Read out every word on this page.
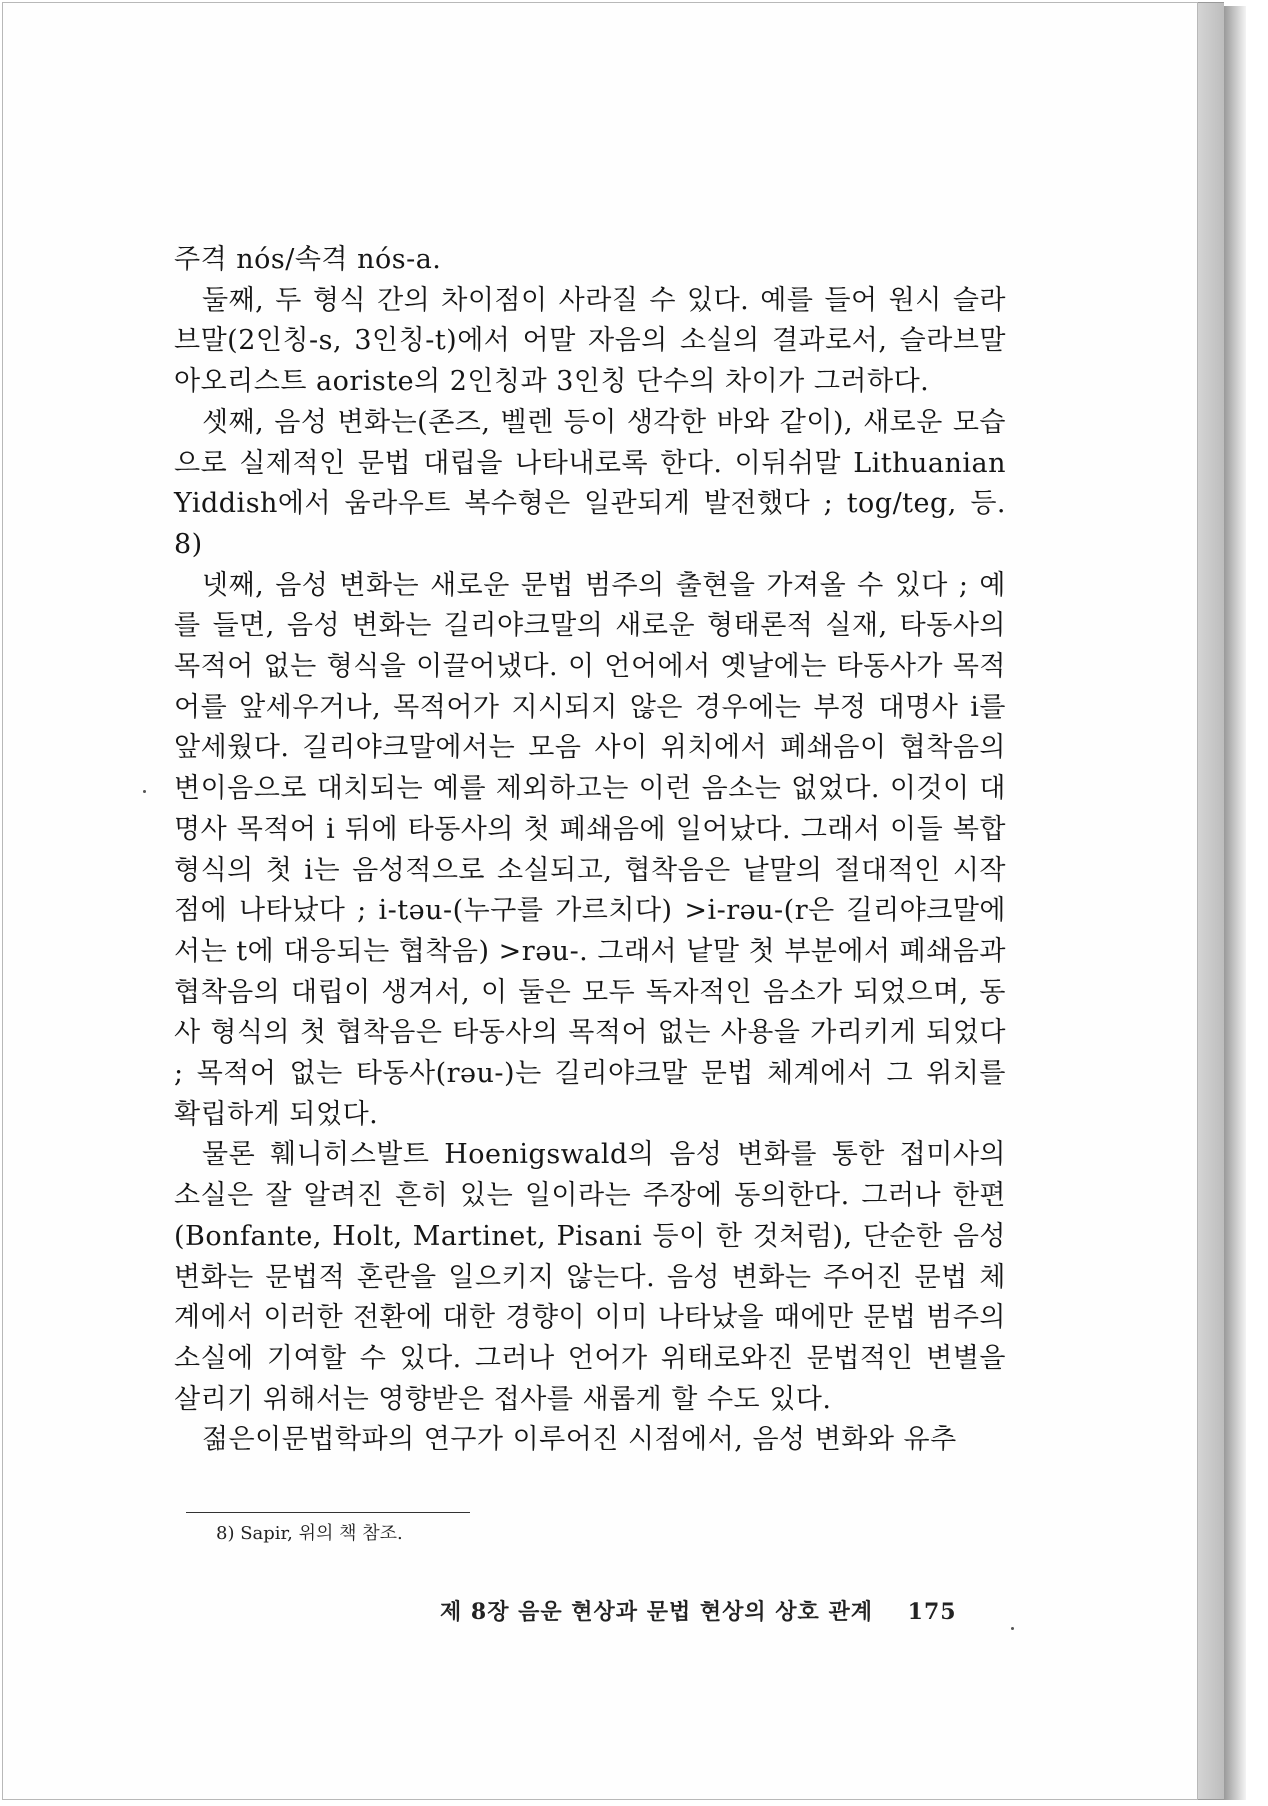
주격 nós/속격 nós-a.

둘째, 두 형식 간의 차이점이 사라질 수 있다. 예를 들어 원시 슬라브말(2인칭-s, 3인칭-t)에서 어말 자음의 소실의 결과로서, 슬라브말 아오리스트 aoriste의 2인칭과 3인칭 단수의 차이가 그러하다.

셋째, 음성 변화는(존즈, 벨렌 등이 생각한 바와 같이), 새로운 모습으로 실제적인 문법 대립을 나타내로록 한다. 이뒤쉬말 Lithuanian Yiddish에서 움라우트 복수형은 일관되게 발전했다 ; tog/teg, 등. 8)

넷째, 음성 변화는 새로운 문법 범주의 출현을 가져올 수 있다 ; 예를 들면, 음성 변화는 길리야크말의 새로운 형태론적 실재, 타동사의 목적어 없는 형식을 이끌어냈다. 이 언어에서 옛날에는 타동사가 목적어를 앞세우거나, 목적어가 지시되지 않은 경우에는 부정 대명사 i를 앞세웠다. 길리야크말에서는 모음 사이 위치에서 폐쇄음이 협착음의 변이음으로 대치되는 예를 제외하고는 이런 음소는 없었다. 이것이 대명사 목적어 i 뒤에 타동사의 첫 폐쇄음에 일어났다. 그래서 이들 복합 형식의 첫 i는 음성적으로 소실되고, 협착음은 낱말의 절대적인 시작점에 나타났다 ; i-təu-(누구를 가르치다) >i-rəu-(r은 길리야크말에서는 t에 대응되는 협착음) >rəu-. 그래서 낱말 첫 부분에서 폐쇄음과 협착음의 대립이 생겨서, 이 둘은 모두 독자적인 음소가 되었으며, 동사 형식의 첫 협착음은 타동사의 목적어 없는 사용을 가리키게 되었다 ; 목적어 없는 타동사(rəu-)는 길리야크말 문법 체계에서 그 위치를 확립하게 되었다.

물론 훼니히스발트 Hoenigswald의 음성 변화를 통한 접미사의 소실은 잘 알려진 흔히 있는 일이라는 주장에 동의한다. 그러나 한편 (Bonfante, Holt, Martinet, Pisani 등이 한 것처럼), 단순한 음성 변화는 문법적 혼란을 일으키지 않는다. 음성 변화는 주어진 문법 체계에서 이러한 전환에 대한 경향이 이미 나타났을 때에만 문법 범주의 소실에 기여할 수 있다. 그러나 언어가 위태로와진 문법적인 변별을 살리기 위해서는 영향받은 접사를 새롭게 할 수도 있다.

젊은이문법학파의 연구가 이루어진 시점에서, 음성 변화와 유추

8) Sapir, 위의 책 참조.
제 8장 음운 현상과 문법 현상의 상호 관계 175
